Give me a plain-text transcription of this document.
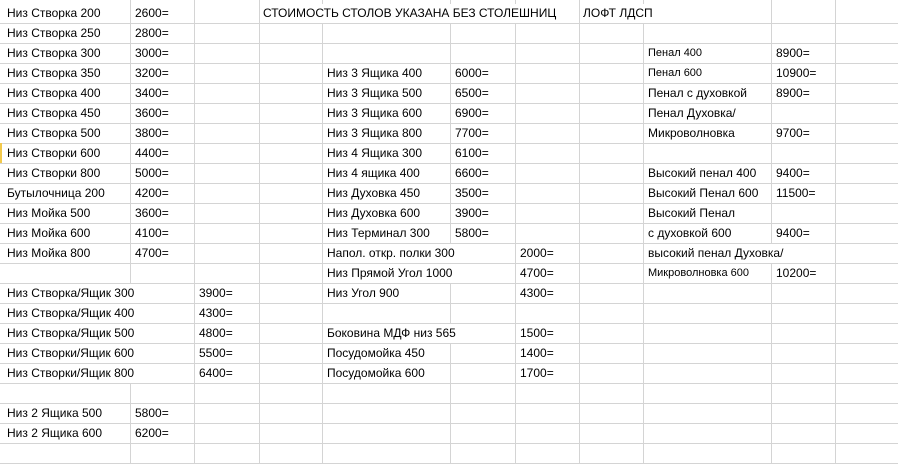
Низ Створка 200	2600=
Низ Створка 250	2800=
Низ Створка 300	3000=
Низ Створка 350	3200=
Низ Створка 400	3400=
Низ Створка 450	3600=
Низ Створка 500	3800=
Низ Створки 600	4400=
Низ Створки 800	5000=
Бутылочница 200	4200=
Низ Мойка 500	3600=
Низ Мойка 600	4100=
Низ Мойка 800	4700=
Низ Створка/Ящик 300	3900=
Низ Створка/Ящик 400	4300=
Низ Створка/Ящик 500	4800=
Низ Створки/Ящик 600	5500=
Низ Створки/Ящик 800	6400=
Низ 2 Ящика 500	5800=
Низ 2 Ящика 600	6200=
Низ 3 Ящика 400	6000=
Низ 3 Ящика 500	6500=
Низ 3 Ящика 600	6900=
Низ 3 Ящика 800	7700=
Низ 4 Ящика 300	6100=
Низ 4 ящика 400	6600=
Низ Духовка 450	3500=
Низ Духовка 600	3900=
Низ Терминал 300 5800=
Напол. откр. полки 300	2000=
Низ Прямой Угол 1000	4700=
Низ Угол 900	4300=
Боковина МДФ низ 565	1500=
Посудомойка 450	1400=
Посудомойка 600	1700=
Пенал 400	8900=
Пенал 600	10900=
Пенал с духовкой 8900=
Пенал Духовка/
Микроволновка	9700=
Высокий пенал 400 9400=
Высокий Пенал 600 11500=
Высокий Пенал
с духовкой 600	9400=
высокий пенал Духовка/
Микроволновка 600 10200=
СТОИМОСТЬ СТОЛОВ УКАЗАНА БЕЗ СТОЛЕШНИЦ ЛОФТ ЛДСП
